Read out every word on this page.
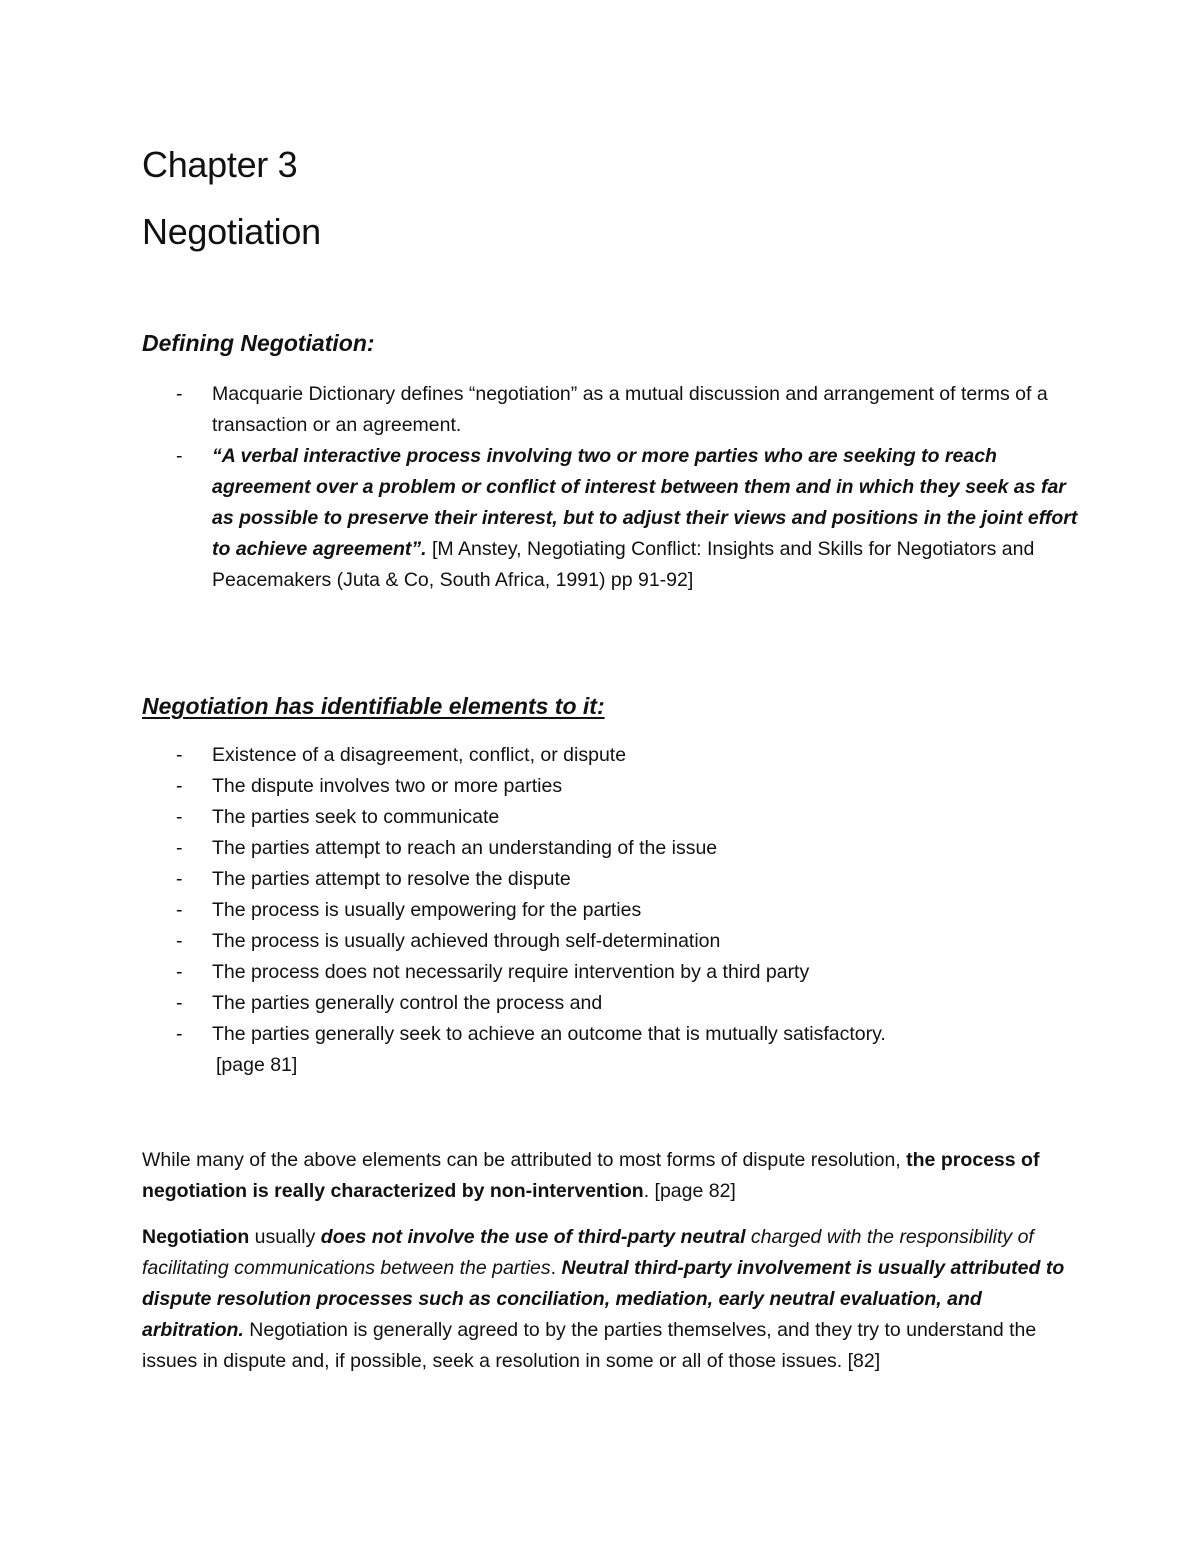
Chapter 3
Negotiation
Defining Negotiation:
- Macquarie Dictionary defines “negotiation” as a mutual discussion and arrangement of terms of a transaction or an agreement.
- “A verbal interactive process involving two or more parties who are seeking to reach agreement over a problem or conflict of interest between them and in which they seek as far as possible to preserve their interest, but to adjust their views and positions in the joint effort to achieve agreement”. [M Anstey, Negotiating Conflict: Insights and Skills for Negotiators and Peacemakers (Juta & Co, South Africa, 1991) pp 91-92]
Negotiation has identifiable elements to it:
- Existence of a disagreement, conflict, or dispute
- The dispute involves two or more parties
- The parties seek to communicate
- The parties attempt to reach an understanding of the issue
- The parties attempt to resolve the dispute
- The process is usually empowering for the parties
- The process is usually achieved through self-determination
- The process does not necessarily require intervention by a third party
- The parties generally control the process and
- The parties generally seek to achieve an outcome that is mutually satisfactory.
[page 81]

While many of the above elements can be attributed to most forms of dispute resolution, the process of negotiation is really characterized by non-intervention. [page 82]

Negotiation usually does not involve the use of third-party neutral charged with the responsibility of facilitating communications between the parties. Neutral third-party involvement is usually attributed to dispute resolution processes such as conciliation, mediation, early neutral evaluation, and arbitration. Negotiation is generally agreed to by the parties themselves, and they try to understand the issues in dispute and, if possible, seek a resolution in some or all of those issues. [82]
